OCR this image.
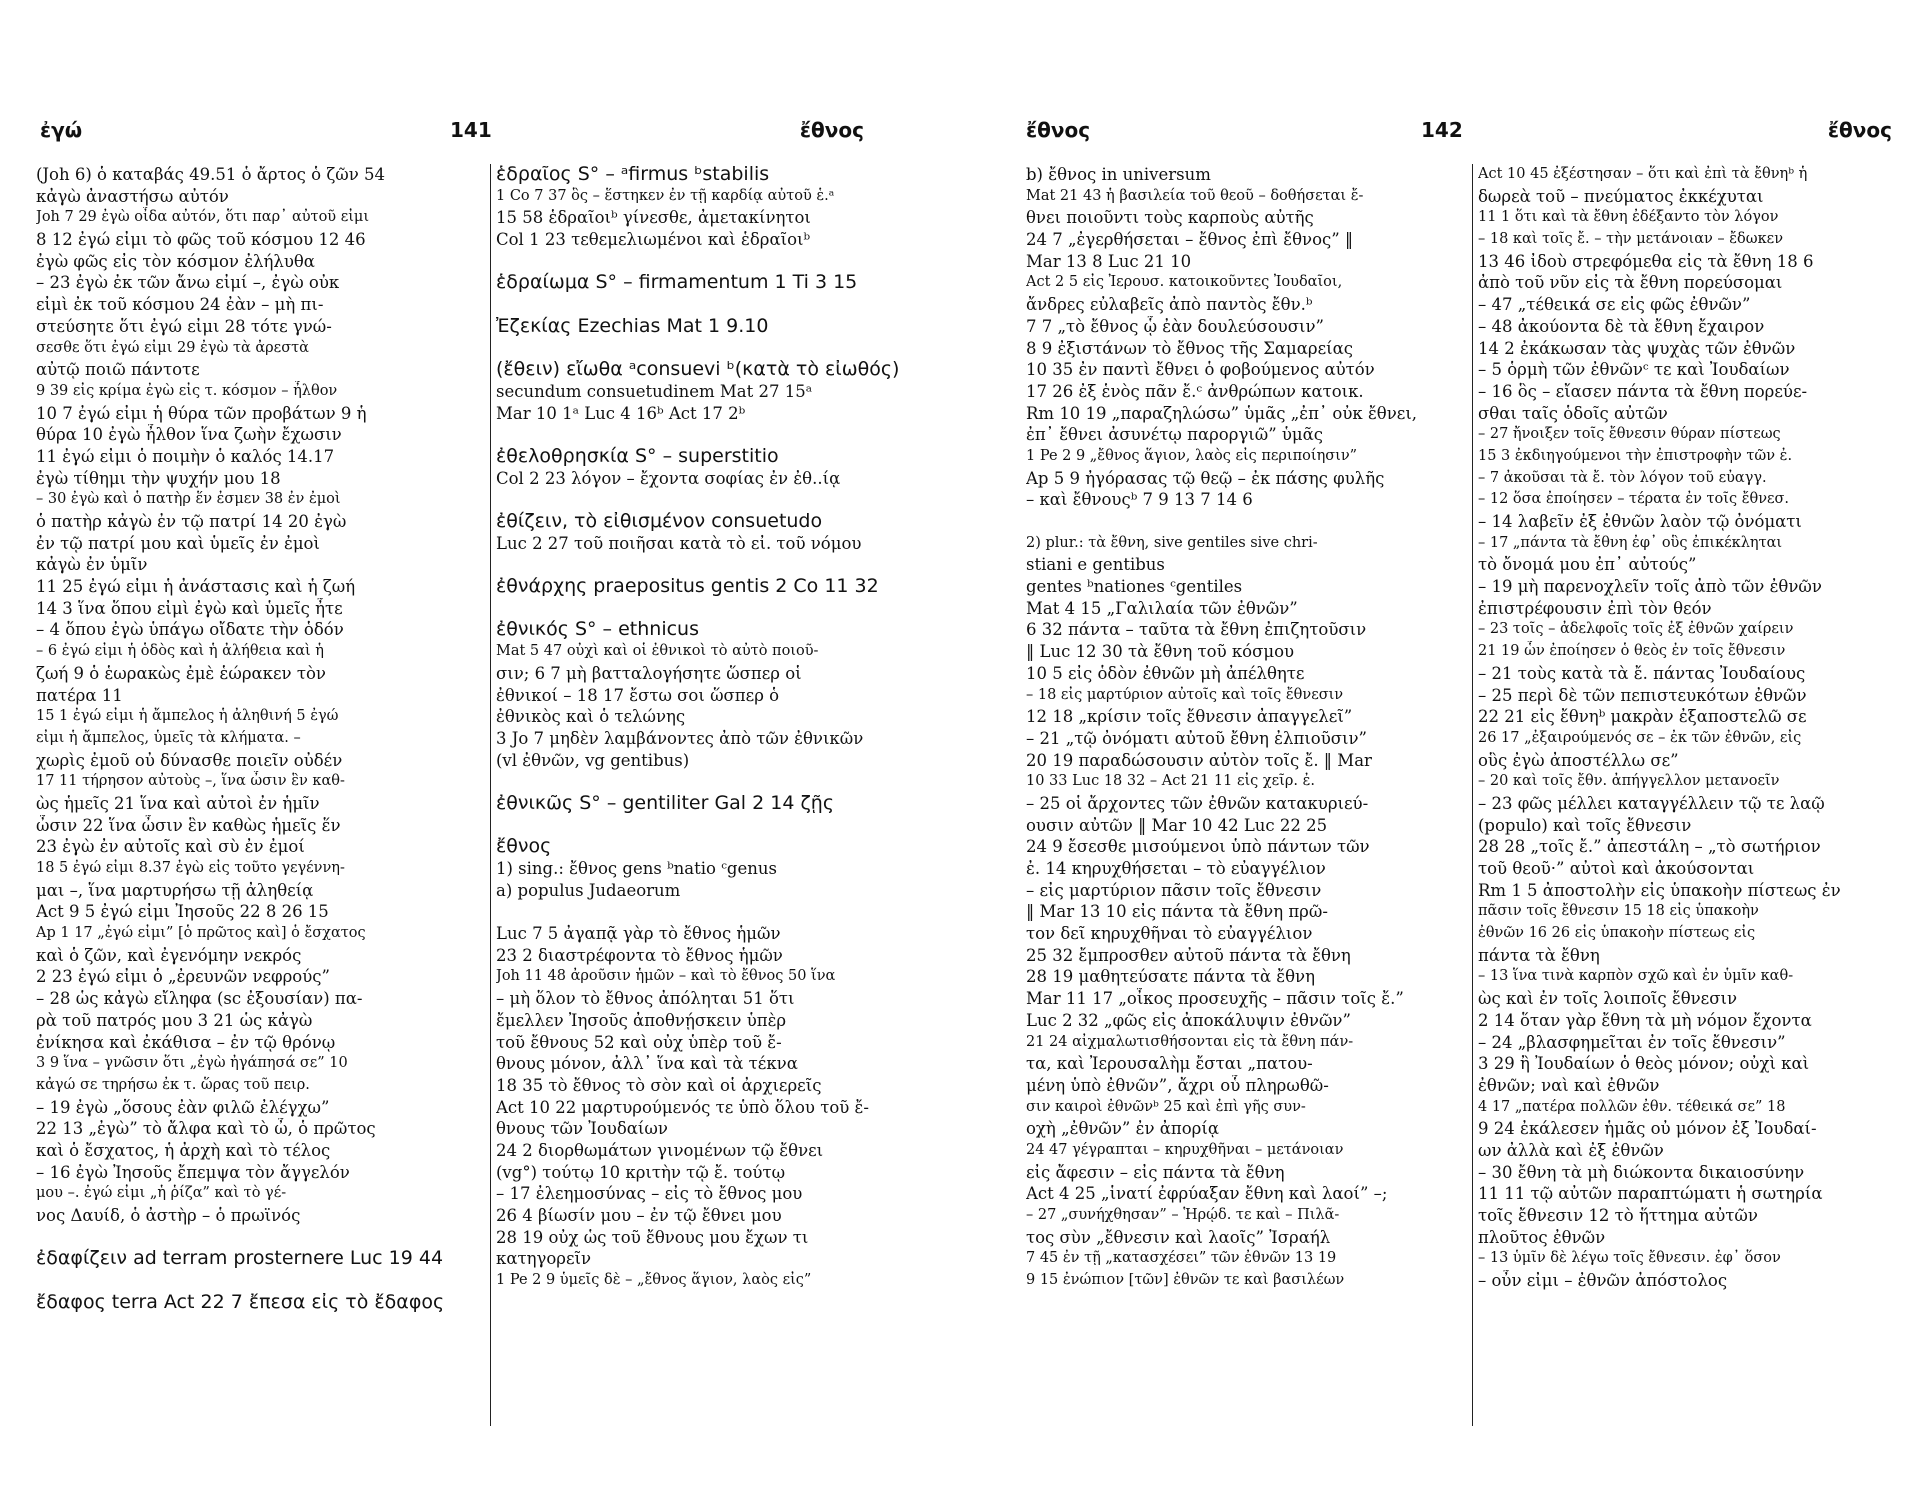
ἐγώ	141	ἔθνος
(Joh 6) ὁ καταβάς 49.51 ὁ ἄρτος ὁ ζῶν 54
κἀγὼ ἀναστήσω αὐτόν
Joh 7 29 ἐγὼ οἶδα αὐτόν, ὅτι παρ᾽ αὐτοῦ εἰμι
8 12 ἐγώ εἰμι τὸ φῶς τοῦ κόσμου 12 46
ἐγὼ φῶς εἰς τὸν κόσμον ἐλήλυθα
– 23 ἐγὼ ἐκ τῶν ἄνω εἰμί –, ἐγὼ οὐκ
εἰμὶ ἐκ τοῦ κόσμου 24 ἐὰν – μὴ πι-
στεύσητε ὅτι ἐγώ εἰμι 28 τότε γνώ-
σεσθε ὅτι ἐγώ εἰμι 29 ἐγὼ τὰ ἀρεστὰ
αὐτῷ ποιῶ πάντοτε
9 39 εἰς κρίμα ἐγὼ εἰς τ. κόσμον – ἦλθον
10 7 ἐγώ εἰμι ἡ θύρα τῶν προβάτων 9 ἡ
θύρα 10 ἐγὼ ἦλθον ἵνα ζωὴν ἔχωσιν
11 ἐγώ εἰμι ὁ ποιμὴν ὁ καλός 14.17
ἐγὼ τίθημι τὴν ψυχήν μου 18
– 30 ἐγὼ καὶ ὁ πατὴρ ἕν ἐσμεν 38 ἐν ἐμοὶ
ὁ πατὴρ κἀγὼ ἐν τῷ πατρί 14 20 ἐγὼ
ἐν τῷ πατρί μου καὶ ὑμεῖς ἐν ἐμοὶ
κἀγὼ ἐν ὑμῖν
11 25 ἐγώ εἰμι ἡ ἀνάστασις καὶ ἡ ζωή
14 3 ἵνα ὅπου εἰμὶ ἐγὼ καὶ ὑμεῖς ἦτε
– 4 ὅπου ἐγὼ ὑπάγω οἴδατε τὴν ὁδόν
– 6 ἐγώ εἰμι ἡ ὁδὸς καὶ ἡ ἀλήθεια καὶ ἡ
ζωή 9 ὁ ἑωρακὼς ἐμὲ ἑώρακεν τὸν
πατέρα 11
15 1 ἐγώ εἰμι ἡ ἄμπελος ἡ ἀληθινή 5 ἐγώ
εἰμι ἡ ἄμπελος, ὑμεῖς τὰ κλήματα. –
χωρὶς ἐμοῦ οὐ δύνασθε ποιεῖν οὐδέν
17 11 τήρησον αὐτοὺς –, ἵνα ὦσιν ἓν καθ-
ὼς ἡμεῖς 21 ἵνα καὶ αὐτοὶ ἐν ἡμῖν
ὦσιν 22 ἵνα ὦσιν ἓν καθὼς ἡμεῖς ἕν
23 ἐγὼ ἐν αὐτοῖς καὶ σὺ ἐν ἐμοί
18 5 ἐγώ εἰμι 8.37 ἐγὼ εἰς τοῦτο γεγέννη-
μαι –, ἵνα μαρτυρήσω τῇ ἀληθείᾳ
Act 9 5 ἐγώ εἰμι Ἰησοῦς 22 8 26 15
Ap 1 17 „ἐγώ εἰμι” [ὁ πρῶτος καὶ] ὁ ἔσχατος
καὶ ὁ ζῶν, καὶ ἐγενόμην νεκρός
2 23 ἐγώ εἰμι ὁ „ἐρευνῶν νεφρούς”
– 28 ὡς κἀγὼ εἴληφα (sc ἐξουσίαν) πα-
ρὰ τοῦ πατρός μου 3 21 ὡς κἀγὼ
ἐνίκησα καὶ ἐκάθισα – ἐν τῷ θρόνῳ
3 9 ἵνα – γνῶσιν ὅτι „ἐγὼ ἠγάπησά σε” 10
κἀγώ σε τηρήσω ἐκ τ. ὥρας τοῦ πειρ.
– 19 ἐγὼ „ὅσους ἐὰν φιλῶ ἐλέγχω”
22 13 „ἐγὼ” τὸ ἄλφα καὶ τὸ ὦ, ὁ πρῶτος
καὶ ὁ ἔσχατος, ἡ ἀρχὴ καὶ τὸ τέλος
– 16 ἐγὼ Ἰησοῦς ἔπεμψα τὸν ἄγγελόν
μου –. ἐγώ εἰμι „ἡ ῥίζα” καὶ τὸ γέ-
νος Δαυίδ, ὁ ἀστὴρ – ὁ πρωϊνός
ἐδαφίζειν ad terram prosternere Luc 19 44
ἔδαφος terra Act 22 7 ἔπεσα εἰς τὸ ἔδαφος
ἑδραῖος S° – ᵃfirmus ᵇstabilis
1 Co 7 37 ὃς – ἕστηκεν ἐν τῇ καρδίᾳ αὐτοῦ ἑ.ᵃ
15 58 ἑδραῖοιᵇ γίνεσθε, ἀμετακίνητοι
Col 1 23 τεθεμελιωμένοι καὶ ἑδραῖοιᵇ
ἑδραίωμα S° – firmamentum 1 Ti 3 15
Ἐζεκίας Ezechias Mat 1 9.10
(ἔθειν) εἴωθα ᵃconsuevi ᵇ(κατὰ τὸ εἰωθός)
secundum consuetudinem Mat 27 15ᵃ
Mar 10 1ᵃ Luc 4 16ᵇ Act 17 2ᵇ
ἐθελοθρησκία S° – superstitio
Col 2 23 λόγον – ἔχοντα σοφίας ἐν ἐθ..ίᾳ
ἐθίζειν, τὸ εἰθισμένον consuetudo
Luc 2 27 τοῦ ποιῆσαι κατὰ τὸ εἰ. τοῦ νόμου
ἐθνάρχης praepositus gentis 2 Co 11 32
ἐθνικός S° – ethnicus
Mat 5 47 οὐχὶ καὶ οἱ ἐθνικοὶ τὸ αὐτὸ ποιοῦ-
σιν; 6 7 μὴ βατταλογήσητε ὥσπερ οἱ
ἐθνικοί – 18 17 ἔστω σοι ὥσπερ ὁ
ἐθνικὸς καὶ ὁ τελώνης
3 Jo 7 μηδὲν λαμβάνοντες ἀπὸ τῶν ἐθνικῶν
(vl ἐθνῶν, vg gentibus)
ἐθνικῶς S° – gentiliter Gal 2 14 ζῇς
ἔθνος
1) sing.: ἔθνος gens ᵇnatio ᶜgenus
a) populus Judaeorum
Luc 7 5 ἀγαπᾷ γὰρ τὸ ἔθνος ἡμῶν
23 2 διαστρέφοντα τὸ ἔθνος ἡμῶν
Joh 11 48 ἀροῦσιν ἡμῶν – καὶ τὸ ἔθνος 50 ἵνα
– μὴ ὅλον τὸ ἔθνος ἀπόληται 51 ὅτι
ἔμελλεν Ἰησοῦς ἀποθνῄσκειν ὑπὲρ
τοῦ ἔθνους 52 καὶ οὐχ ὑπὲρ τοῦ ἔ-
θνους μόνον, ἀλλ᾽ ἵνα καὶ τὰ τέκνα
18 35 τὸ ἔθνος τὸ σὸν καὶ οἱ ἀρχιερεῖς
Act 10 22 μαρτυρούμενός τε ὑπὸ ὅλου τοῦ ἔ-
θνους τῶν Ἰουδαίων
24 2 διορθωμάτων γινομένων τῷ ἔθνει
(vg°) τούτῳ 10 κριτὴν τῷ ἔ. τούτῳ
– 17 ἐλεημοσύνας – εἰς τὸ ἔθνος μου
26 4 βίωσίν μου – ἐν τῷ ἔθνει μου
28 19 οὐχ ὡς τοῦ ἔθνους μου ἔχων τι
κατηγορεῖν
1 Pe 2 9 ὑμεῖς δὲ – „ἔθνος ἅγιον, λαὸς εἰς”
ἔθνος	142	ἔθνος
b) ἔθνος in universum
Mat 21 43 ἡ βασιλεία τοῦ θεοῦ – δοθήσεται ἔ-
θνει ποιοῦντι τοὺς καρποὺς αὐτῆς
24 7 „ἐγερθήσεται – ἔθνος ἐπὶ ἔθνος” ‖
Mar 13 8 Luc 21 10
Act 2 5 εἰς Ἰερουσ. κατοικοῦντες Ἰουδαῖοι,
ἄνδρες εὐλαβεῖς ἀπὸ παντὸς ἔθν.ᵇ
7 7 „τὸ ἔθνος ᾧ ἐὰν δουλεύσουσιν”
8 9 ἐξιστάνων τὸ ἔθνος τῆς Σαμαρείας
10 35 ἐν παντὶ ἔθνει ὁ φοβούμενος αὐτόν
17 26 ἐξ ἑνὸς πᾶν ἔ.ᶜ ἀνθρώπων κατοικ.
Rm 10 19 „παραζηλώσω” ὑμᾶς „ἐπ᾽ οὐκ ἔθνει,
ἐπ᾽ ἔθνει ἀσυνέτῳ παροργιῶ” ὑμᾶς
1 Pe 2 9 „ἔθνος ἅγιον, λαὸς εἰς περιποίησιν”
Ap 5 9 ἠγόρασας τῷ θεῷ – ἐκ πάσης φυλῆς
– καὶ ἔθνουςᵇ 7 9 13 7 14 6
2) plur.: τὰ ἔθνη, sive gentiles sive chri-
stiani e gentibus
gentes ᵇnationes ᶜgentiles
Mat 4 15 „Γαλιλαία τῶν ἐθνῶν”
6 32 πάντα – ταῦτα τὰ ἔθνη ἐπιζητοῦσιν
‖ Luc 12 30 τὰ ἔθνη τοῦ κόσμου
10 5 εἰς ὁδὸν ἐθνῶν μὴ ἀπέλθητε
– 18 εἰς μαρτύριον αὐτοῖς καὶ τοῖς ἔθνεσιν
12 18 „κρίσιν τοῖς ἔθνεσιν ἀπαγγελεῖ”
– 21 „τῷ ὀνόματι αὐτοῦ ἔθνη ἐλπιοῦσιν”
20 19 παραδώσουσιν αὐτὸν τοῖς ἔ. ‖ Mar
10 33 Luc 18 32 – Act 21 11 εἰς χεῖρ. ἐ.
– 25 οἱ ἄρχοντες τῶν ἐθνῶν κατακυριεύ-
ουσιν αὐτῶν ‖ Mar 10 42 Luc 22 25
24 9 ἔσεσθε μισούμενοι ὑπὸ πάντων τῶν
ἐ. 14 κηρυχθήσεται – τὸ εὐαγγέλιον
– εἰς μαρτύριον πᾶσιν τοῖς ἔθνεσιν
‖ Mar 13 10 εἰς πάντα τὰ ἔθνη πρῶ-
τον δεῖ κηρυχθῆναι τὸ εὐαγγέλιον
25 32 ἔμπροσθεν αὐτοῦ πάντα τὰ ἔθνη
28 19 μαθητεύσατε πάντα τὰ ἔθνη
Mar 11 17 „οἶκος προσευχῆς – πᾶσιν τοῖς ἔ.”
Luc 2 32 „φῶς εἰς ἀποκάλυψιν ἐθνῶν”
21 24 αἰχμαλωτισθήσονται εἰς τὰ ἔθνη πάν-
τα, καὶ Ἰερουσαλὴμ ἔσται „πατου-
μένη ὑπὸ ἐθνῶν”, ἄχρι οὗ πληρωθῶ-
σιν καιροὶ ἐθνῶνᵇ 25 καὶ ἐπὶ γῆς συν-
οχὴ „ἐθνῶν” ἐν ἀπορίᾳ
24 47 γέγραπται – κηρυχθῆναι – μετάνοιαν
εἰς ἄφεσιν – εἰς πάντα τὰ ἔθνη
Act 4 25 „ἱνατί ἐφρύαξαν ἔθνη καὶ λαοί” –;
– 27 „συνήχθησαν” – Ἡρῴδ. τε καὶ – Πιλᾶ-
τος σὺν „ἔθνεσιν καὶ λαοῖς” Ἰσραήλ
7 45 ἐν τῇ „κατασχέσει” τῶν ἐθνῶν 13 19
9 15 ἐνώπιον [τῶν] ἐθνῶν τε καὶ βασιλέων
Act 10 45 ἐξέστησαν – ὅτι καὶ ἐπὶ τὰ ἔθνηᵇ ἡ
δωρεὰ τοῦ – πνεύματος ἐκκέχυται
11 1 ὅτι καὶ τὰ ἔθνη ἐδέξαντο τὸν λόγον
– 18 καὶ τοῖς ἔ. – τὴν μετάνοιαν – ἔδωκεν
13 46 ἰδοὺ στρεφόμεθα εἰς τὰ ἔθνη 18 6
ἀπὸ τοῦ νῦν εἰς τὰ ἔθνη πορεύσομαι
– 47 „τέθεικά σε εἰς φῶς ἐθνῶν”
– 48 ἀκούοντα δὲ τὰ ἔθνη ἔχαιρον
14 2 ἐκάκωσαν τὰς ψυχὰς τῶν ἐθνῶν
– 5 ὁρμὴ τῶν ἐθνῶνᶜ τε καὶ Ἰουδαίων
– 16 ὃς – εἴασεν πάντα τὰ ἔθνη πορεύε-
σθαι ταῖς ὁδοῖς αὐτῶν
– 27 ἤνοιξεν τοῖς ἔθνεσιν θύραν πίστεως
15 3 ἐκδιηγούμενοι τὴν ἐπιστροφὴν τῶν ἐ.
– 7 ἀκοῦσαι τὰ ἔ. τὸν λόγον τοῦ εὐαγγ.
– 12 ὅσα ἐποίησεν – τέρατα ἐν τοῖς ἔθνεσ.
– 14 λαβεῖν ἐξ ἐθνῶν λαὸν τῷ ὀνόματι
– 17 „πάντα τὰ ἔθνη ἐφ᾽ οὓς ἐπικέκληται
τὸ ὄνομά μου ἐπ᾽ αὐτούς”
– 19 μὴ παρενοχλεῖν τοῖς ἀπὸ τῶν ἐθνῶν
ἐπιστρέφουσιν ἐπὶ τὸν θεόν
– 23 τοῖς – ἀδελφοῖς τοῖς ἐξ ἐθνῶν χαίρειν
21 19 ὧν ἐποίησεν ὁ θεὸς ἐν τοῖς ἔθνεσιν
– 21 τοὺς κατὰ τὰ ἔ. πάντας Ἰουδαίους
– 25 περὶ δὲ τῶν πεπιστευκότων ἐθνῶν
22 21 εἰς ἔθνηᵇ μακρὰν ἐξαποστελῶ σε
26 17 „ἐξαιρούμενός σε – ἐκ τῶν ἐθνῶν, εἰς
οὓς ἐγὼ ἀποστέλλω σε”
– 20 καὶ τοῖς ἔθν. ἀπήγγελλον μετανοεῖν
– 23 φῶς μέλλει καταγγέλλειν τῷ τε λαῷ
(populo) καὶ τοῖς ἔθνεσιν
28 28 „τοῖς ἔ.” ἀπεστάλη – „τὸ σωτήριον
τοῦ θεοῦ·” αὐτοὶ καὶ ἀκούσονται
Rm 1 5 ἀποστολὴν εἰς ὑπακοὴν πίστεως ἐν
πᾶσιν τοῖς ἔθνεσιν 15 18 εἰς ὑπακοὴν
ἐθνῶν 16 26 εἰς ὑπακοὴν πίστεως εἰς
πάντα τὰ ἔθνη
– 13 ἵνα τινὰ καρπὸν σχῶ καὶ ἐν ὑμῖν καθ-
ὼς καὶ ἐν τοῖς λοιποῖς ἔθνεσιν
2 14 ὅταν γὰρ ἔθνη τὰ μὴ νόμον ἔχοντα
– 24 „βλασφημεῖται ἐν τοῖς ἔθνεσιν”
3 29 ἢ Ἰουδαίων ὁ θεὸς μόνον; οὐχὶ καὶ
ἐθνῶν; ναὶ καὶ ἐθνῶν
4 17 „πατέρα πολλῶν ἐθν. τέθεικά σε” 18
9 24 ἐκάλεσεν ἡμᾶς οὐ μόνον ἐξ Ἰουδαί-
ων ἀλλὰ καὶ ἐξ ἐθνῶν
– 30 ἔθνη τὰ μὴ διώκοντα δικαιοσύνην
11 11 τῷ αὐτῶν παραπτώματι ἡ σωτηρία
τοῖς ἔθνεσιν 12 τὸ ἥττημα αὐτῶν
πλοῦτος ἐθνῶν
– 13 ὑμῖν δὲ λέγω τοῖς ἔθνεσιν. ἐφ᾽ ὅσον
– οὖν εἰμι – ἐθνῶν ἀπόστολος
